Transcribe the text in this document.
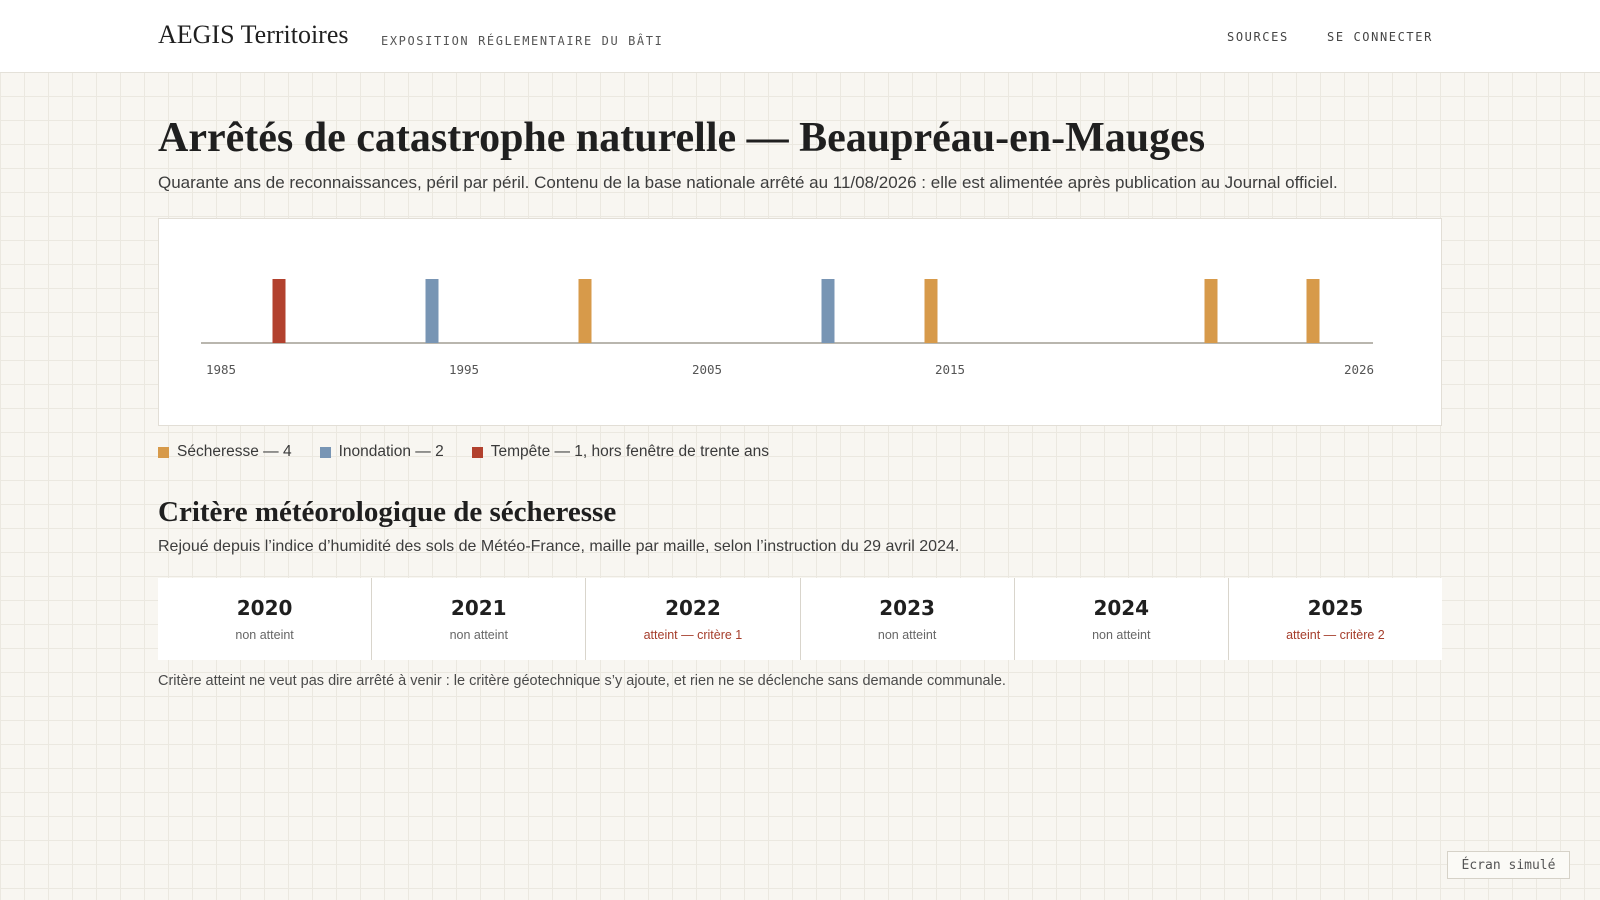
AEGIS Territoires	EXPOSITION RÉGLEMENTAIRE DU BÂTI	SOURCES	SE CONNECTER
Arrêtés de catastrophe naturelle — Beaupréau-en-Mauges

Quarante ans de reconnaissances, péril par péril. Contenu de la base nationale arrêté au 11/08/2026 : elle est alimentée après publication au Journal officiel.

1985	1995	2005	2015	2026
Sécheresse — 4	Inondation — 2	Tempête — 1, hors fenêtre de trente ans
Critère météorologique de sécheresse

Rejoué depuis l’indice d’humidité des sols de Météo-France, maille par maille, selon l’instruction du 29 avril 2024.

2020
non atteint
2021
non atteint
2022
atteint — critère 1
2023
non atteint
2024
non atteint
2025
atteint — critère 2

Critère atteint ne veut pas dire arrêté à venir : le critère géotechnique s’y ajoute, et rien ne se déclenche sans demande communale.

Écran simulé
